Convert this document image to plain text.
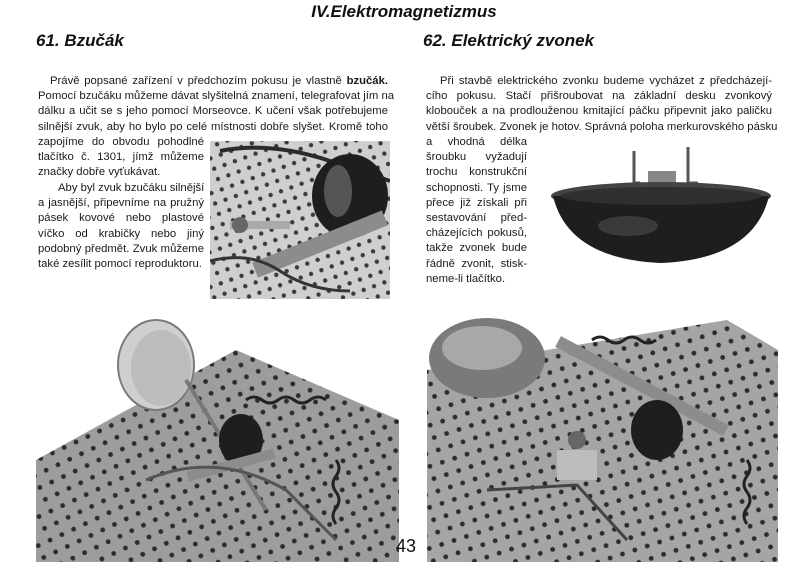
IV.Elektromagnetizmus
61. Bzučák	62. Elektrický zvonek
Právě popsané zařízení v předchozím pokusu je vlastně bzučák.
Pomocí bzučáku můžeme dávat slyšitelná znamení, telegrafovat jím na
dálku a učit se s jeho pomocí Morseovce. K učení však potřebujeme
silnější zvuk, aby ho bylo po celé místnosti dobře slyšet. Kromě toho
zapojíme do obvodu pohodlné
tlačítko č. 1301, jímž můžeme
značky dobře vyťukávat.
Aby byl zvuk bzučáku silnější
a jasnější, připevníme na pružný
pásek kovové nebo plastové
víčko od krabičky nebo jiný
podobný předmět. Zvuk můžeme
také zesílit pomocí reproduktoru.
Při stavbě elektrického zvonku budeme vycházet z předcházejí-
cího pokusu. Stačí přišroubovat na základní desku zvonkový
klobouček a na prodlouženou kmitající páčku připevnit jako paličku
větší šroubek. Zvonek je hotov. Správná poloha merkurovského pásku
a vhodná délka
šroubku vyžadují
trochu konstrukční
schopnosti. Ty jsme
přece již získali při
sestavování před-
cházejících pokusů,
takže zvonek bude
řádně zvonit, stisk-
neme-li tlačítko.
43
